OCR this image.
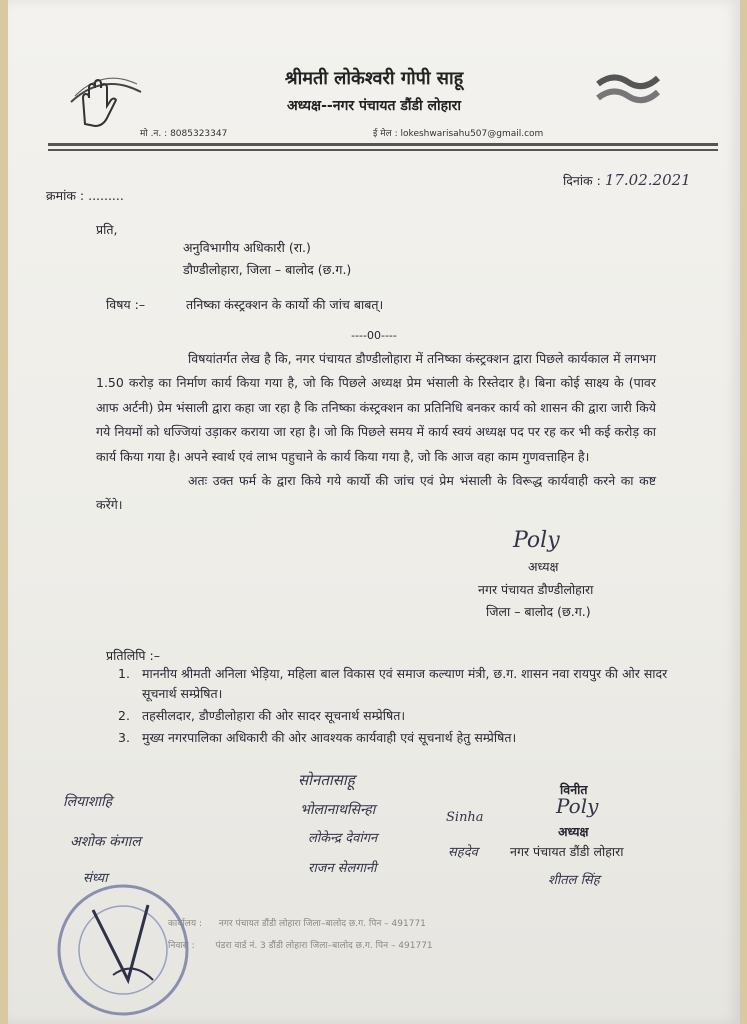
श्रीमती लोकेश्वरी गोपी साहू
अध्यक्ष--नगर पंचायत डौंडी लोहारा
मो .न. : 8085323347	ई मेल : lokeshwarisahu507@gmail.com
क्रमांक : .........
दिनांक : 17.02.2021
प्रति,
अनुविभागीय अधिकारी (रा.)
डौण्डीलोहारा, जिला – बालोद (छ.ग.)
विषय :–	तनिष्का कंस्ट्रक्शन के कार्यो की जांच बाबत्।
----00----

विषयांतर्गत लेख है कि, नगर पंचायत डौण्डीलोहारा में तनिष्का कंस्ट्रक्शन द्वारा पिछले कार्यकाल में लगभग 1.50 करोड़ का निर्माण कार्य किया गया है, जो कि पिछले अध्यक्ष प्रेम भंसाली के रिस्तेदार है। बिना कोई साक्ष्य के (पावर आफ अर्टनी) प्रेम भंसाली द्वारा कहा जा रहा है कि तनिष्का कंस्ट्रक्शन का प्रतिनिधि बनकर कार्य को शासन की द्वारा जारी किये गये नियमों को धज्जियां उड़ाकर कराया जा रहा है। जो कि पिछले समय में कार्य स्वयं अध्यक्ष पद पर रह कर भी कई करोड़ का कार्य किया गया है। अपने स्वार्थ एवं लाभ पहुचाने के कार्य किया गया है, जो कि आज वहा काम गुणवत्ताहिन है।

अतः उक्त फर्म के द्वारा किये गये कार्यो की जांच एवं प्रेम भंसाली के विरूद्ध कार्यवाही करने का कष्ट करेंगे।

Poly
अध्यक्ष
नगर पंचायत डौण्डीलोहारा
जिला – बालोद (छ.ग.)
प्रतिलिपि :–
1. माननीय श्रीमती अनिला भेड़िया, महिला बाल विकास एवं समाज कल्याण मंत्री, छ.ग. शासन नवा रायपुर की ओर सादर सूचनार्थ सम्प्रेषित।
2. तहसीलदार, डौण्डीलोहारा की ओर सादर सूचनार्थ सम्प्रेषित।
3. मुख्य नगरपालिका अधिकारी की ओर आवश्यक कार्यवाही एवं सूचनार्थ हेतु सम्प्रेषित।
सोनतासाहू
लियाशाहि
अशोक कंगाल
भोलानाथसिन्हा
लोकेन्द्र देवांगन
Sinha
सहदेव
संध्या
राजन सेलगानी
शीतल सिंह
विनीत
Poly
अध्यक्ष
नगर पंचायत डौंडी लोहारा
कार्यालय : नगर पंचायत डौंडी लोहारा जिला–बालोद छ.ग. पिन – 491771
निवास : पंडरा वार्ड नं. 3 डौंडी लोहारा जिला–बालोद छ.ग. पिन – 491771
